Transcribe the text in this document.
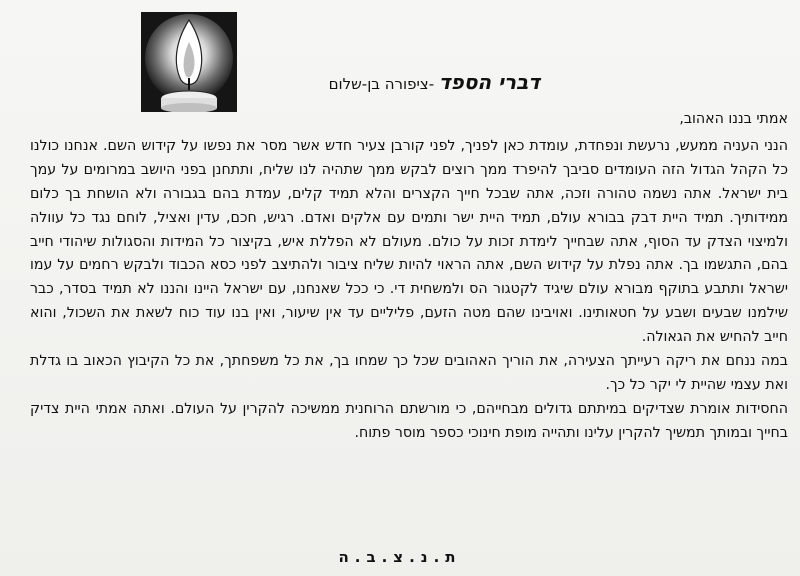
דברי הספד -ציפורה בן-שלום

אמתי בננו האהוב,

הנני העניה ממעש, נרעשת ונפחדת, עומדת כאן לפניך, לפני קורבן צעיר חדש אשר מסר את נפשו על קידוש השם. אנחנו כולנו כל הקהל הגדול הזה העומדים סביבך להיפרד ממך רוצים לבקש ממך שתהיה לנו שליח, ותתחנן בפני היושב במרומים על עמך בית ישראל. אתה נשמה טהורה וזכה, אתה שבכל חייך הקצרים והלא תמיד קלים, עמדת בהם בגבורה ולא הושחת בך כלום ממידותיך. תמיד היית דבק בבורא עולם, תמיד היית ישר ותמים עם אלקים ואדם. רגיש, חכם, עדין ואציל, לוחם נגד כל עוולה ולמיצוי הצדק עד הסוף, אתה שבחייך לימדת זכות על כולם. מעולם לא הפללת איש, בקיצור כל המידות והסגולות שיהודי חייב בהם, התגשמו בך. אתה נפלת על קידוש השם, אתה הראוי להיות שליח ציבור ולהתיצב לפני כסא הכבוד ולבקש רחמים על עמו ישראל ותתבע בתוקף מבורא עולם שיגיד לקטגור הס ולמשחית די. כי ככל שאנחנו, עם ישראל היינו והננו לא תמיד בסדר, כבר שילמנו שבעים ושבע על חטאותינו. ואויבינו שהם מטה הזעם, פליליים עד אין שיעור, ואין בנו עוד כוח לשאת את השכול, והוא חייב להחיש את הגאולה.

במה ננחם את ריקה רעייתך הצעירה, את הוריך האהובים שכל כך שמחו בך, את כל משפחתך, את כל הקיבוץ הכאוב בו גדלת ואת עצמי שהיית לי יקר כל כך.

החסידות אומרת שצדיקים במיתתם גדולים מבחייהם, כי מורשתם הרוחנית ממשיכה להקרין על העולם. ואתה אמתי היית צדיק בחייך ובמותך תמשיך להקרין עלינו ותהייה מופת חינוכי כספר מוסר פתוח.

ת.נ.צ.ב.ה
